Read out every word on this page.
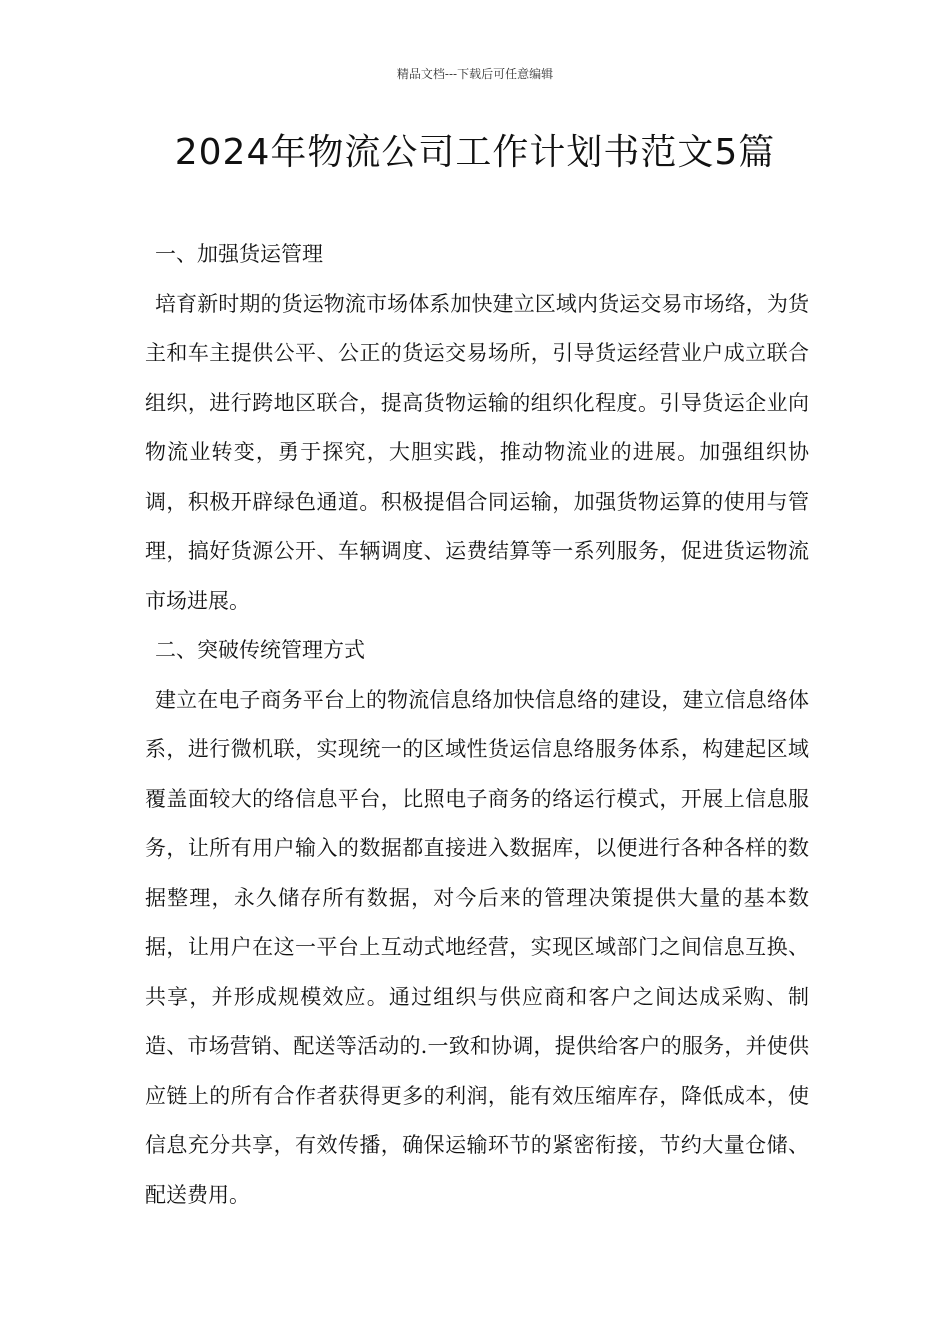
精品文档---下载后可任意编辑
2024年物流公司工作计划书范文5篇
一、加强货运管理

培育新时期的货运物流市场体系加快建立区域内货运交易市场络，为货主和车主提供公平、公正的货运交易场所，引导货运经营业户成立联合组织，进行跨地区联合，提高货物运输的组织化程度。引导货运企业向物流业转变，勇于探究，大胆实践，推动物流业的进展。加强组织协调，积极开辟绿色通道。积极提倡合同运输，加强货物运算的使用与管理，搞好货源公开、车辆调度、运费结算等一系列服务，促进货运物流市场进展。

二、突破传统管理方式

建立在电子商务平台上的物流信息络加快信息络的建设，建立信息络体系，进行微机联，实现统一的区域性货运信息络服务体系，构建起区域覆盖面较大的络信息平台，比照电子商务的络运行模式，开展上信息服务，让所有用户输入的数据都直接进入数据库，以便进行各种各样的数据整理，永久储存所有数据，对今后来的管理决策提供大量的基本数据，让用户在这一平台上互动式地经营，实现区域部门之间信息互换、共享，并形成规模效应。通过组织与供应商和客户之间达成采购、制造、市场营销、配送等活动的.一致和协调，提供给客户的服务，并使供应链上的所有合作者获得更多的利润，能有效压缩库存，降低成本，使信息充分共享，有效传播，确保运输环节的紧密衔接，节约大量仓储、配送费用。
